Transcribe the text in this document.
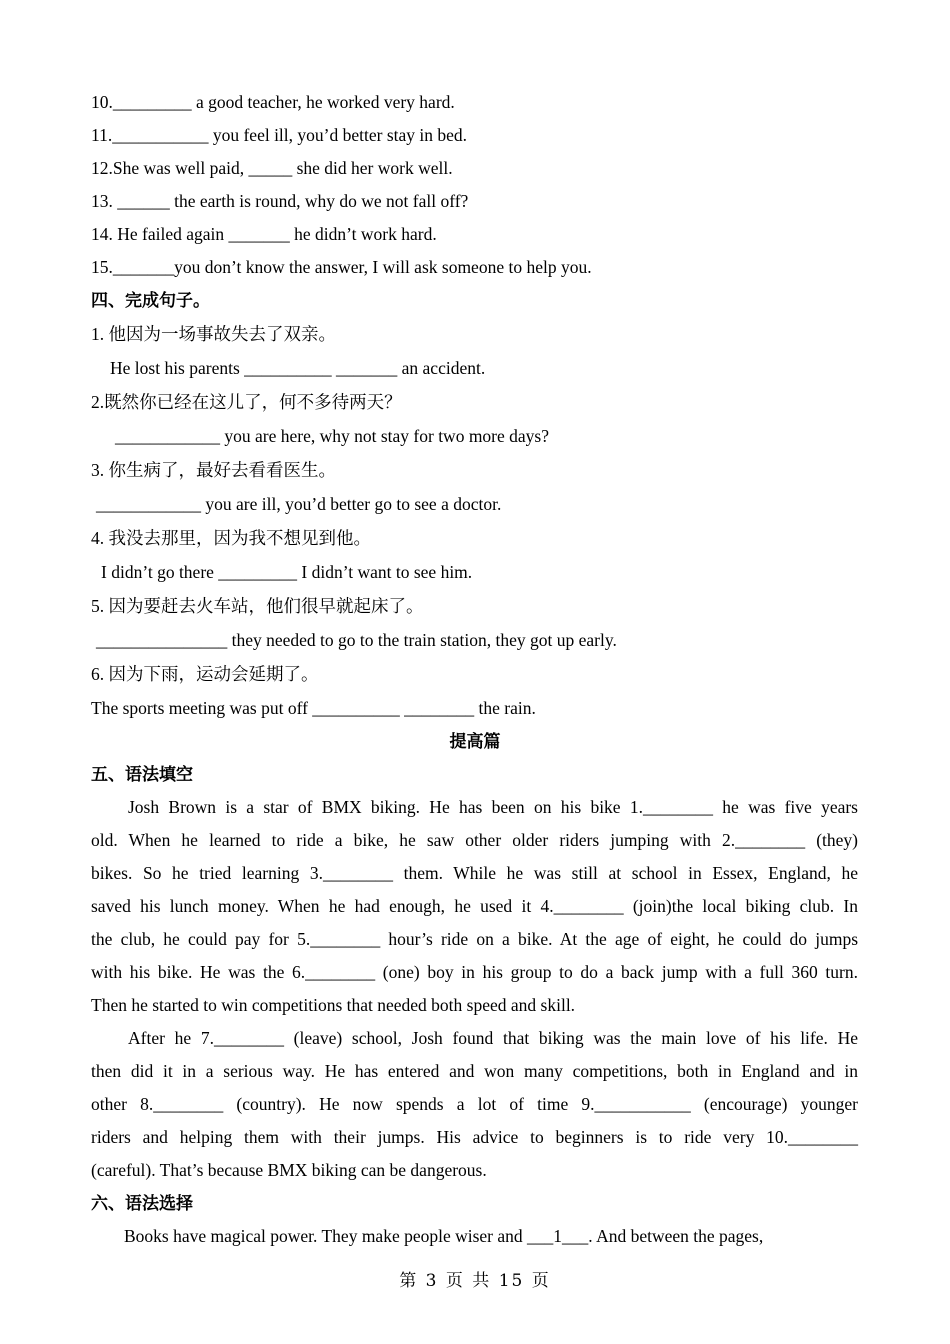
10._________ a good teacher, he worked very hard.
11.___________ you feel ill, you’d better stay in bed.
12.She was well paid, _____ she did her work well.
13. ______ the earth is round, why do we not fall off?
14. He failed again _______ he didn’t work hard.
15._______you don’t know the answer, I will ask someone to help you.
四、完成句子。
1. 他因为一场事故失去了双亲。
He lost his parents __________ _______ an accident.
2.既然你已经在这儿了，何不多待两天？
____________ you are here, why not stay for two more days?
3. 你生病了，最好去看看医生。
____________ you are ill, you’d better go to see a doctor.
4. 我没去那里，因为我不想见到他。
I didn’t go there _________ I didn’t want to see him.
5. 因为要赶去火车站，他们很早就起床了。
_______________ they needed to go to the train station, they got up early.
6. 因为下雨，运动会延期了。
The sports meeting was put off __________ ________ the rain.
提高篇
五、语法填空
Josh Brown is a star of BMX biking. He has been on his bike 1.________ he was five years
old. When he learned to ride a bike, he saw other older riders jumping with 2.________ (they)
bikes. So he tried learning 3.________ them. While he was still at school in Essex, England, he
saved his lunch money. When he had enough, he used it 4.________ (join)the local biking club. In
the club, he could pay for 5.________ hour’s ride on a bike. At the age of eight, he could do jumps
with his bike. He was the 6.________ (one) boy in his group to do a back jump with a full 360 turn.
Then he started to win competitions that needed both speed and skill.
After he 7.________ (leave) school, Josh found that biking was the main love of his life. He
then did it in a serious way. He has entered and won many competitions, both in England and in
other 8.________ (country). He now spends a lot of time 9.___________ (encourage) younger
riders and helping them with their jumps. His advice to beginners is to ride very 10.________
(careful). That’s because BMX biking can be dangerous.
六、语法选择
Books have magical power. They make people wiser and ___1___. And between the pages,
第 3 页 共 15 页
